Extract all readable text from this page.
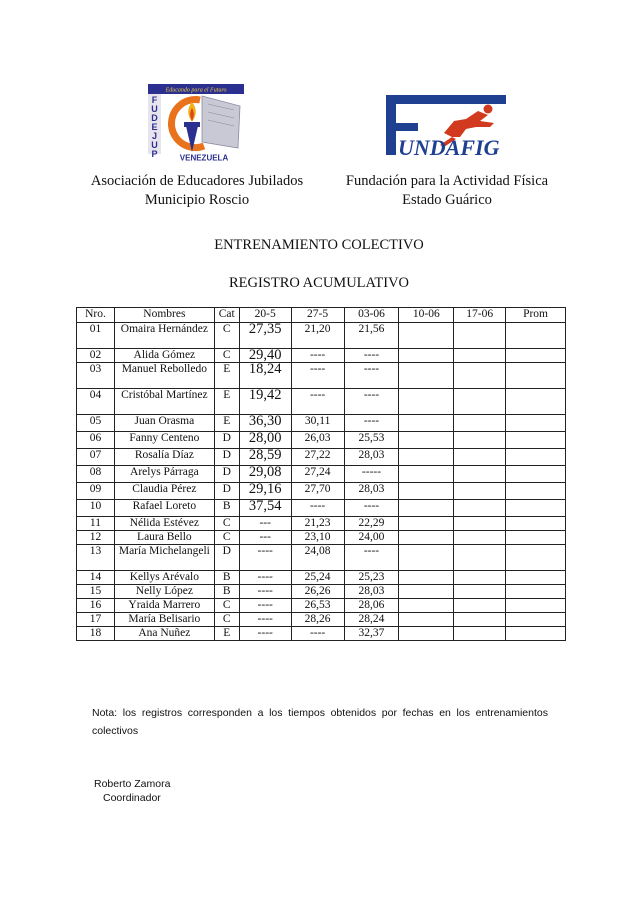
Educando para el Futuro
F
U
D
E
J
U
P	VENEZUELA	UNDAFIG
Asociación de Educadores Jubilados
Municipio Roscio
Fundación para la Actividad Física
Estado Guárico
ENTRENAMIENTO COLECTIVO
REGISTRO ACUMULATIVO
Nro.	Nombres	Cat	20-5	27-5	03-06	10-06	17-06	Prom
01	Omaira Hernández	C	27,35	21,20	21,56			
02	Alida Gómez	C	29,40	----	----			
03	Manuel Rebolledo	E	18,24	----	----			
04	Cristóbal Martínez	E	19,42	----	----			
05	Juan Orasma	E	36,30	30,11	----			
06	Fanny Centeno	D	28,00	26,03	25,53			
07	Rosalía Díaz	D	28,59	27,22	28,03			
08	Arelys Párraga	D	29,08	27,24	-----			
09	Claudia Pérez	D	29,16	27,70	28,03			
10	Rafael Loreto	B	37,54	----	----			
11	Nélida Estévez	C	---	21,23	22,29			
12	Laura Bello	C	---	23,10	24,00			
13	María Michelangeli	D	----	24,08	----			
14	Kellys Arévalo	B	----	25,24	25,23			
15	Nelly López	B	----	26,26	28,03			
16	Yraida Marrero	C	----	26,53	28,06			
17	María Belisario	C	----	28,26	28,24			
18	Ana Nuñez	E	----	----	32,37			
Nota: los registros corresponden a los tiempos obtenidos por fechas en los entrenamientos colectivos
Roberto Zamora
Coordinador
